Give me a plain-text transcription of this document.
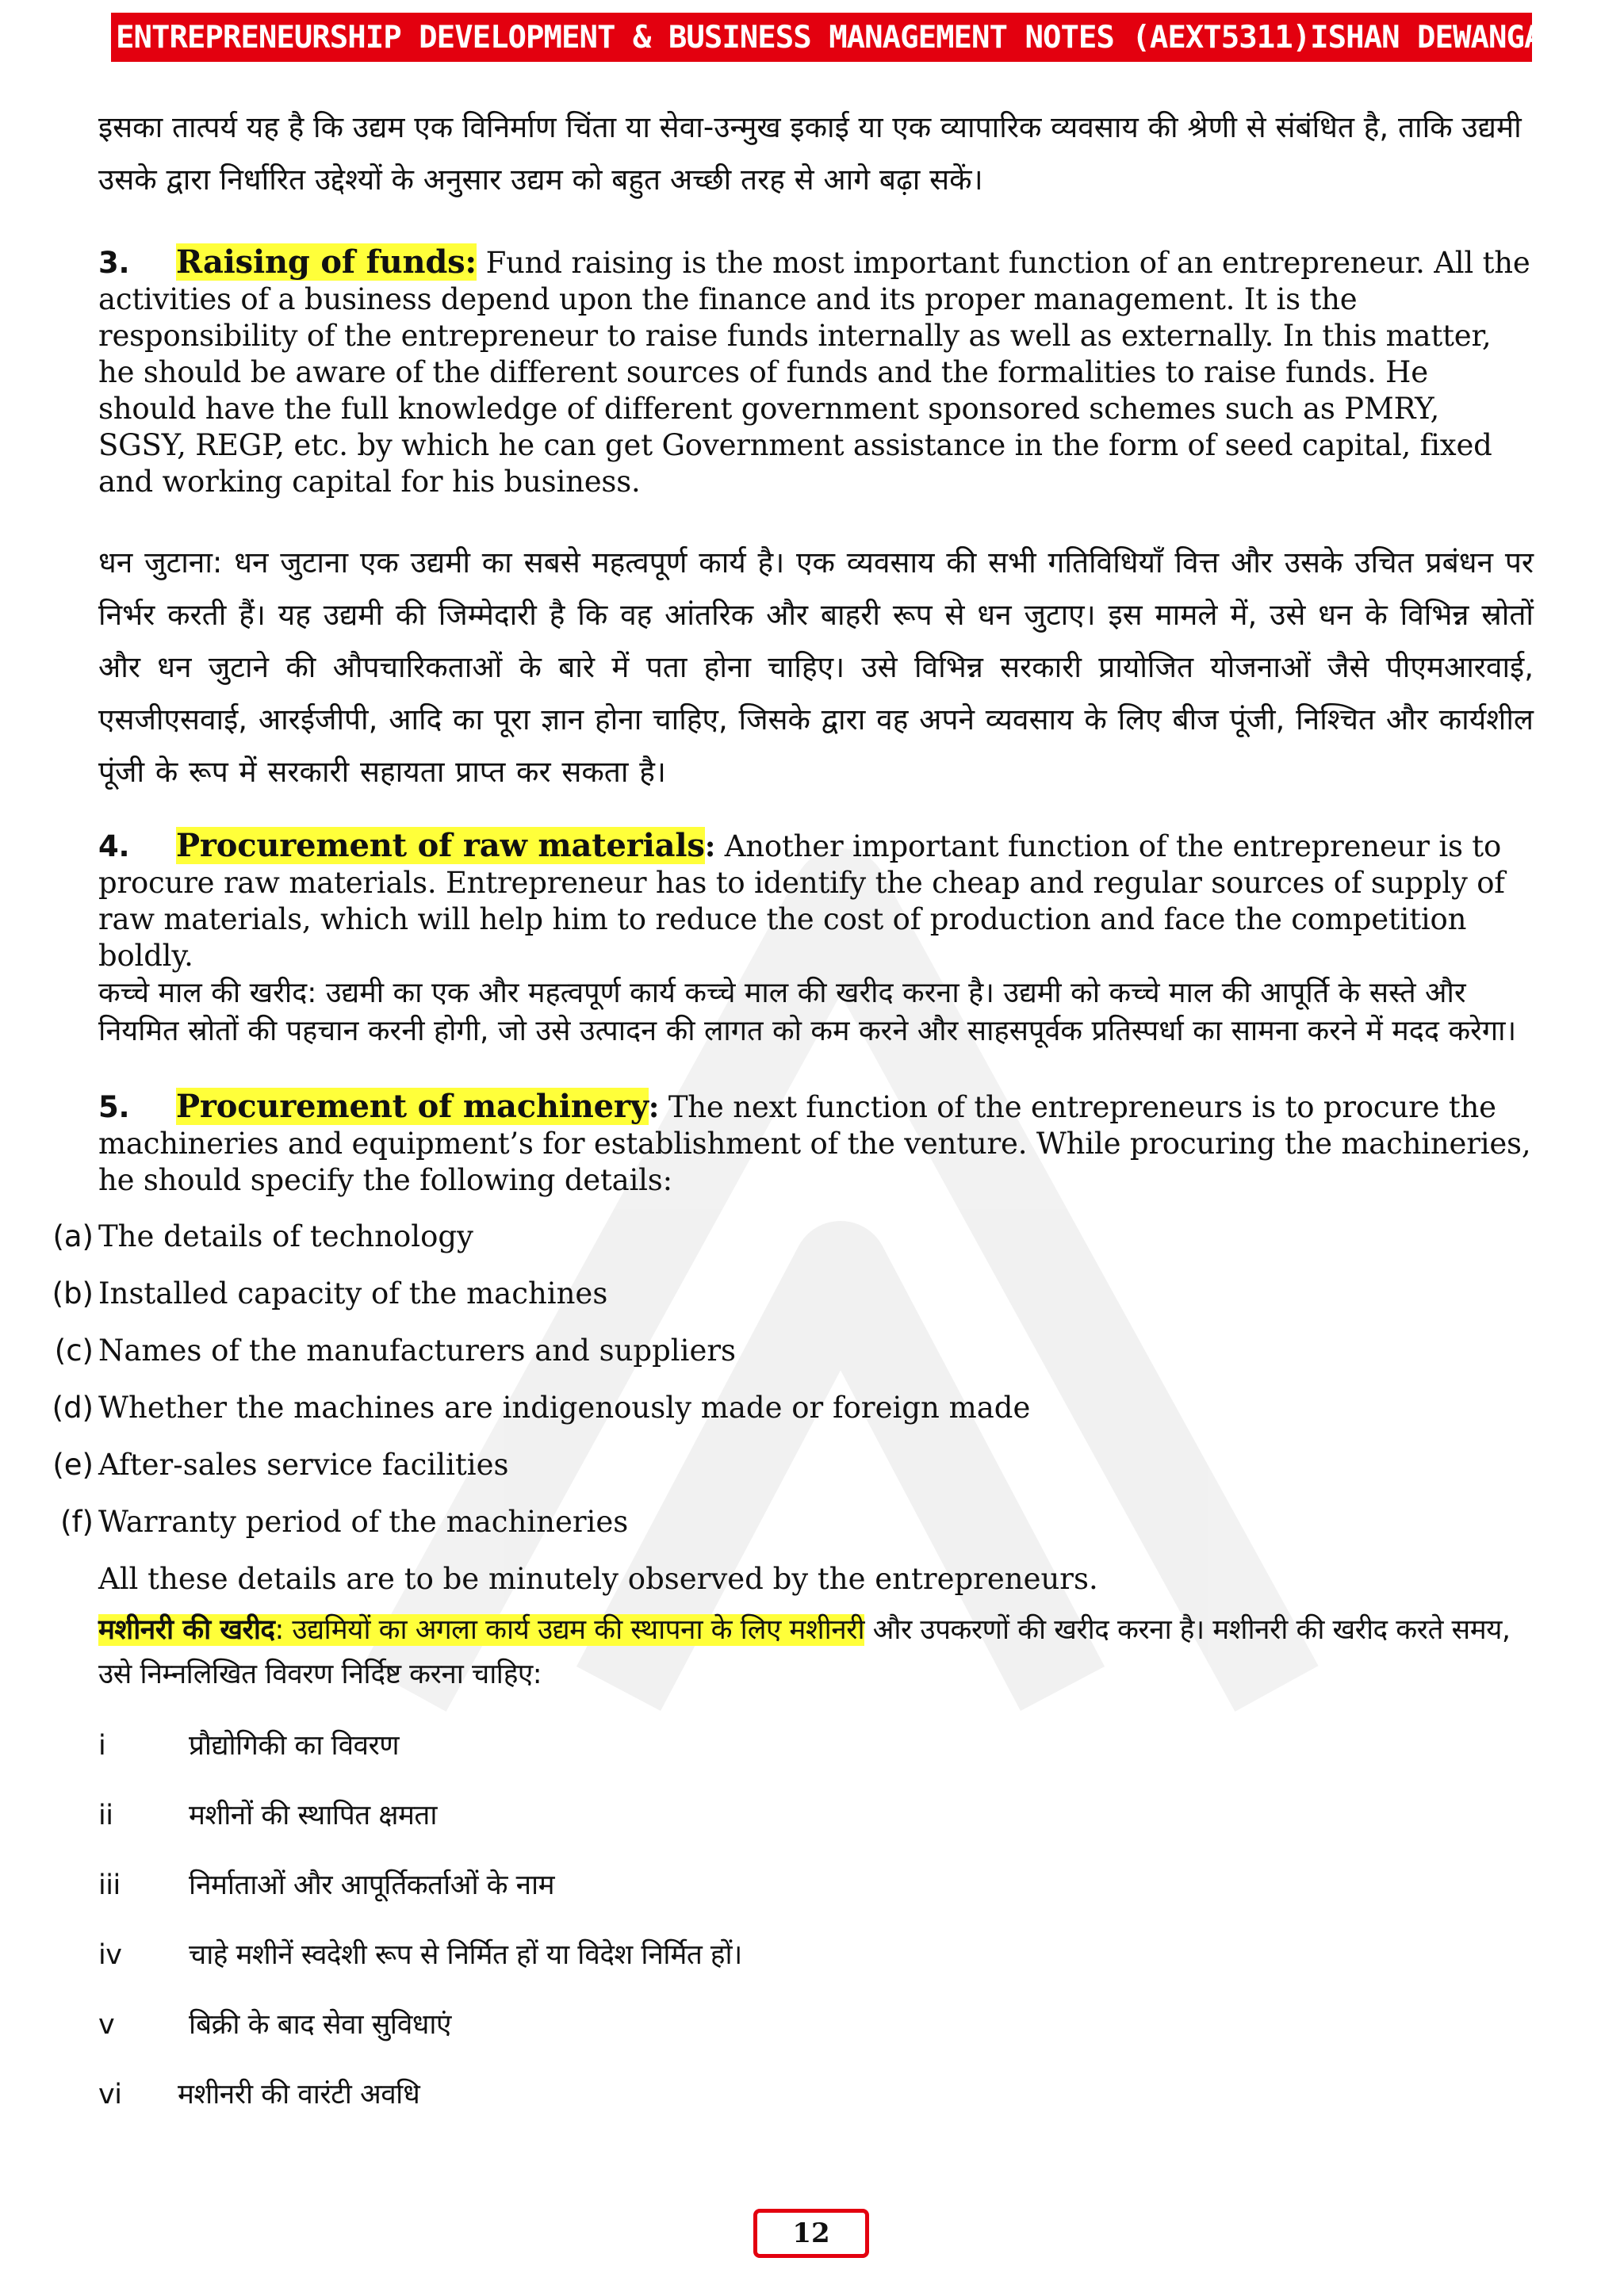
ENTREPRENEURSHIP DEVELOPMENT & BUSINESS MANAGEMENT NOTES (AEXT5311) ISHAN DEWANGAN

इसका तात्पर्य यह है कि उद्यम एक विनिर्माण चिंता या सेवा-उन्मुख इकाई या एक व्यापारिक व्यवसाय की श्रेणी से संबंधित है, ताकि उद्यमी उसके द्वारा निर्धारित उद्देश्यों के अनुसार उद्यम को बहुत अच्छी तरह से आगे बढ़ा सकें।

3. Raising of funds: Fund raising is the most important function of an entrepreneur. All the activities of a business depend upon the finance and its proper management. It is the responsibility of the entrepreneur to raise funds internally as well as externally. In this matter, he should be aware of the different sources of funds and the formalities to raise funds. He should have the full knowledge of different government sponsored schemes such as PMRY, SGSY, REGP, etc. by which he can get Government assistance in the form of seed capital, fixed and working capital for his business.

धन जुटाना: धन जुटाना एक उद्यमी का सबसे महत्वपूर्ण कार्य है। एक व्यवसाय की सभी गतिविधियाँ वित्त और उसके उचित प्रबंधन पर निर्भर करती हैं। यह उद्यमी की जिम्मेदारी है कि वह आंतरिक और बाहरी रूप से धन जुटाए। इस मामले में, उसे धन के विभिन्न स्रोतों और धन जुटाने की औपचारिकताओं के बारे में पता होना चाहिए। उसे विभिन्न सरकारी प्रायोजित योजनाओं जैसे पीएमआरवाई, एसजीएसवाई, आरईजीपी, आदि का पूरा ज्ञान होना चाहिए, जिसके द्वारा वह अपने व्यवसाय के लिए बीज पूंजी, निश्चित और कार्यशील पूंजी के रूप में सरकारी सहायता प्राप्त कर सकता है।

4. Procurement of raw materials: Another important function of the entrepreneur is to procure raw materials. Entrepreneur has to identify the cheap and regular sources of supply of raw materials, which will help him to reduce the cost of production and face the competition boldly.

कच्चे माल की खरीद: उद्यमी का एक और महत्वपूर्ण कार्य कच्चे माल की खरीद करना है। उद्यमी को कच्चे माल की आपूर्ति के सस्ते और नियमित स्रोतों की पहचान करनी होगी, जो उसे उत्पादन की लागत को कम करने और साहसपूर्वक प्रतिस्पर्धा का सामना करने में मदद करेगा।

5. Procurement of machinery: The next function of the entrepreneurs is to procure the machineries and equipment’s for establishment of the venture. While procuring the machineries, he should specify the following details:

(a) The details of technology
(b) Installed capacity of the machines
(c) Names of the manufacturers and suppliers
(d) Whether the machines are indigenously made or foreign made
(e) After-sales service facilities
(f) Warranty period of the machineries

All these details are to be minutely observed by the entrepreneurs.

मशीनरी की खरीद: उद्यमियों का अगला कार्य उद्यम की स्थापना के लिए मशीनरी और उपकरणों की खरीद करना है। मशीनरी की खरीद करते समय, उसे निम्नलिखित विवरण निर्दिष्ट करना चाहिए:

i	प्रौद्योगिकी का विवरण
ii	मशीनों की स्थापित क्षमता
iii	निर्माताओं और आपूर्तिकर्ताओं के नाम
iv	चाहे मशीनें स्वदेशी रूप से निर्मित हों या विदेश निर्मित हों।
v	बिक्री के बाद सेवा सुविधाएं
vi	मशीनरी की वारंटी अवधि
12
